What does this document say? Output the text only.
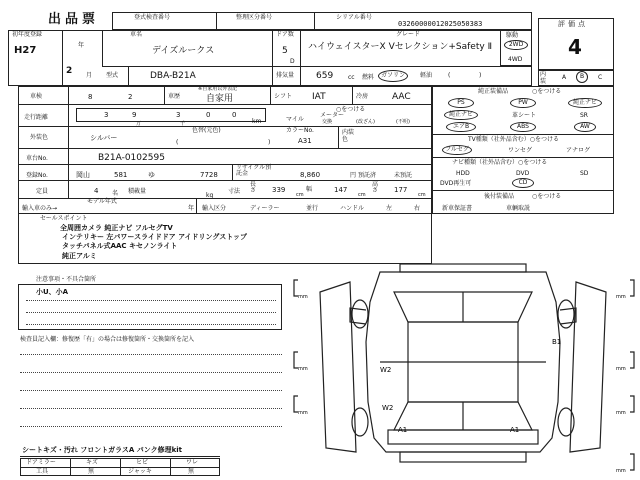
出品票	登式検査番号	整理区分番号	シリアル番号
03260000012025050383	評価点
4
初年度登録
H27	年
2 月
車名
デイズルークス
ドア数
5
D
グレード
ハイウェイスターX Vセレクション+Safety Ⅱ
駆動
2WD
4WD
型式	DBA-B21A	排気量 659 cc 燃料	ガソリン	軽油	(               )	内装
A	B	C
車検	8	2	車歴
※自家用以外表記
自家用	シフト IAT	冷房	AAC
走行距離	3	9	3	0	0
万	千	km
○をつける
マイル
メーター
交換	(改ざん)	(不明)
外装色	シルバー
色替(元色)
(	)
カラーNo.
A31
内装色
車台No.	B21A-0102595
登録No.	岡山	581	ゆ	7728
リサイクル預託金	8,860	円 預託済	未預託
定員	4 名 積載量
kg
寸法
長さ 339
cm
幅	147
cm
高さ 177
cm
輸入車のみ→
モデル年式
年 輸入区分	ディーラー	並行	ハンドル	左	右
セールスポイント
全周囲カメラ 純正ナビ フルセグTV
インテリキー 左パワースライドドア アイドリングストップ
タッチパネル式AAC キセノンライト
純正アルミ
純正装備品	○をつける
PS	PW	純正ナビ
純正ナビ	革シート	SR
エアB	ABS	AW
TV種類（社外品含む）○をつける
フルセグ	ワンセグ	アナログ
ナビ種類（社外品含む）○をつける
HDD	DVD	SD
DVD再生可	CD
後付装備品	○をつける
新車保証書	車輌取説
注意事項・不具合箇所
小U、小A
検査員記入欄：修復歴「有」の場合は修復箇所・交換箇所を記入
シートキズ・汚れ フロントガラスA パンク修理kit
ドアミラー	キズ	ヒビ	ワレ
工具	無	ジャッキ	無
B1
W2
W2
A1	A1
mm
mm
mm
mm
mm
mm
mm
